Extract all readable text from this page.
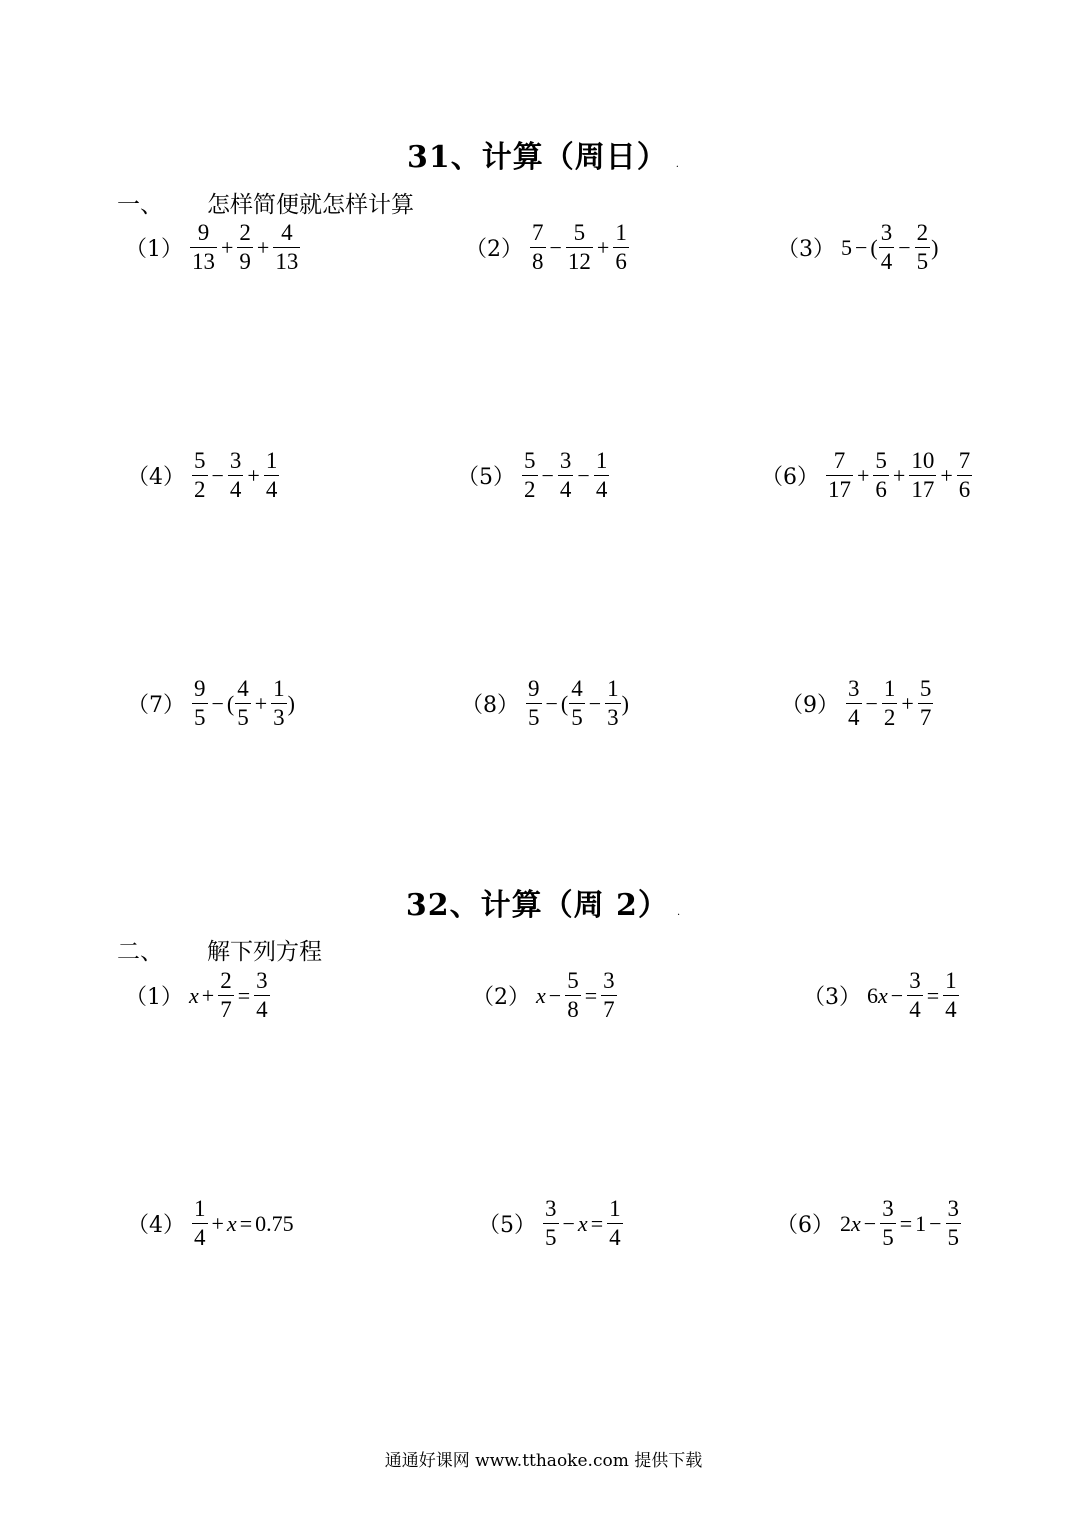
31、计算（周日） .
一、 怎样简便就怎样计算
$(1) \frac{9}{13} + \frac{2}{9} + \frac{4}{13}$	$(2) \frac{7}{8} - \frac{5}{12} + \frac{1}{6}$	（3） 5 − ( $\frac{3}{4} - \frac{2}{5}$ )
$(4) \frac{5}{2} - \frac{3}{4} + \frac{1}{4}$	$(5) \frac{5}{2} - \frac{3}{4} - \frac{1}{4}$	$(6) \frac{7}{17} + \frac{5}{6} + \frac{10}{17} + \frac{7}{6}$
$(7) \frac{9}{5}$ − ( $\frac{4}{5} + \frac{1}{3}$ )	$(8) \frac{9}{5}$ − ( $\frac{4}{5} - \frac{1}{3}$ )	$(9) \frac{3}{4} - \frac{1}{2} + \frac{5}{7}$
32、计算（周 2） .
二、 解下列方程
（1） $x + \frac{2}{7} = \frac{3}{4}$	（2） $x - \frac{5}{8} = \frac{3}{7}$	（3） 6 $x - \frac{3}{4} = \frac{1}{4}$
$(4) \frac{1}{4} + x = 0.75$	$(5) \frac{3}{5} - x = \frac{1}{4}$	（6） 2 $x - \frac{3}{5} = 1 - \frac{3}{5}$
通通好课网 www.tthaoke.com 提供下载
